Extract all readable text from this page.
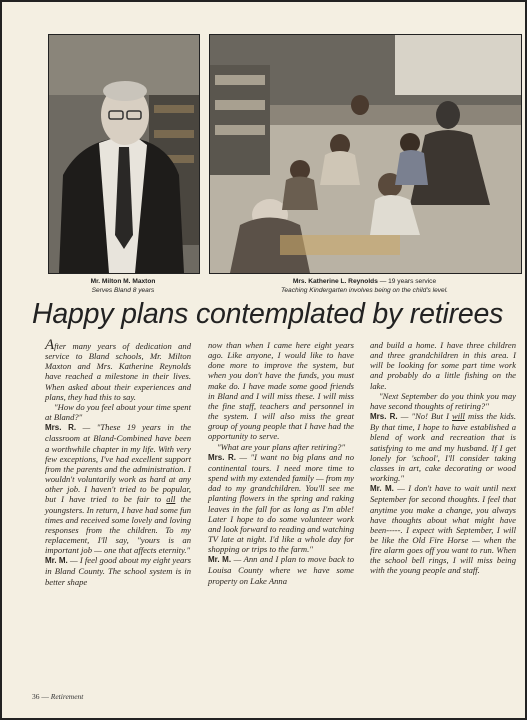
Mr. Milton M. Maxton
Serves Bland 8 years
Mrs. Katherine L. Reynolds — 19 years service
Teaching Kindergarten involves being on the child's level.
Happy plans contemplated by retirees

After many years of dedication and service to Bland schools, Mr. Milton Maxton and Mrs. Katherine Reynolds have reached a milestone in their lives. When asked about their experiences and plans, they had this to say.

"How do you feel about your time spent at Bland?"

Mrs. R. — "These 19 years in the classroom at Bland-Combined have been a worthwhile chapter in my life. With very few exceptions, I've had excellent support from the parents and the administration. I wouldn't voluntarily work as hard at any other job. I haven't tried to be popular, but I have tried to be fair to all the youngsters. In return, I have had some fun times and received some lovely and loving responses from the children. To my replacement, I'll say, "yours is an important job — one that affects eternity."

Mr. M. — I feel good about my eight years in Bland County. The school system is in better shape

now than when I came here eight years ago. Like anyone, I would like to have done more to improve the system, but when you don't have the funds, you must make do. I have made some good friends in Bland and I will miss these. I will miss the fine staff, teachers and personnel in the system. I will also miss the great group of young people that I have had the opportunity to serve.

"What are your plans after retiring?"

Mrs. R. — "I want no big plans and no continental tours. I need more time to spend with my extended family — from my dad to my grandchildren. You'll see me planting flowers in the spring and raking leaves in the fall for as long as I'm able! Later I hope to do some volunteer work and look forward to reading and watching TV late at night. I'd like a whole day for shopping or trips to the farm."

Mr. M. — Ann and I plan to move back to Louisa County where we have some property on Lake Anna

and build a home. I have three children and three grandchildren in this area. I will be looking for some part time work and probably do a little fishing on the lake.

"Next September do you think you may have second thoughts of retiring?"

Mrs. R. — "No! But I will miss the kids. By that time, I hope to have established a blend of work and recreation that is satisfying to me and my husband. If I get lonely for 'school', I'll consider taking classes in art, cake decorating or wood working."

Mr. M. — I don't have to wait until next September for second thoughts. I feel that anytime you make a change, you always have thoughts about what might have been-----. I expect with September, I will be like the Old Fire Horse — when the fire alarm goes off you want to run. When the school bell rings, I will miss being with the young people and staff.

36 — Retirement
